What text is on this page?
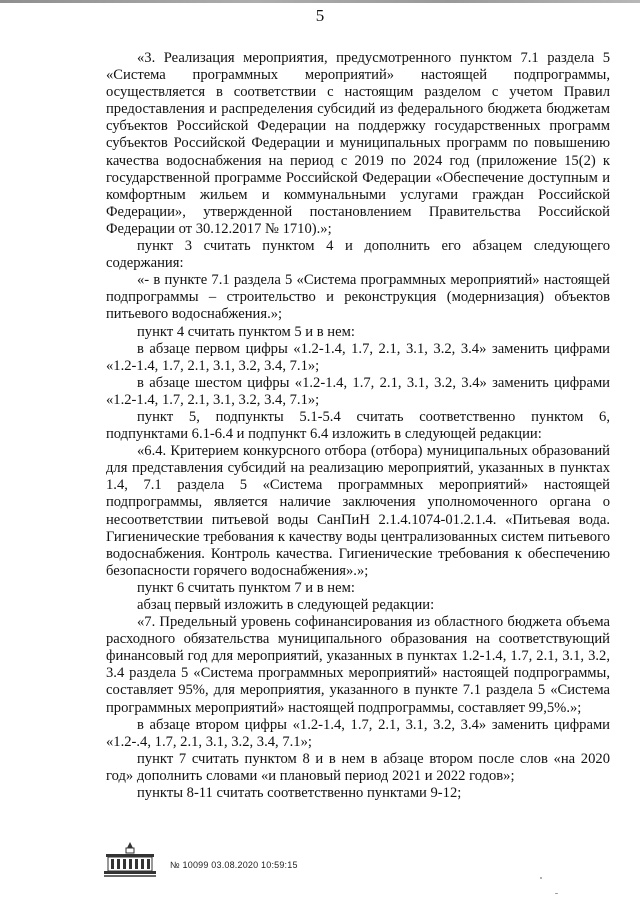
5

«3. Реализация мероприятия, предусмотренного пунктом 7.1 раздела 5 «Система программных мероприятий» настоящей подпрограммы, осуществляется в соответствии с настоящим разделом с учетом Правил предоставления и распределения субсидий из федерального бюджета бюджетам субъектов Российской Федерации на поддержку государственных программ субъектов Российской Федерации и муниципальных программ по повышению качества водоснабжения на период с 2019 по 2024 год (приложение 15(2) к государственной программе Российской Федерации «Обеспечение доступным и комфортным жильем и коммунальными услугами граждан Российской Федерации», утвержденной постановлением Правительства Российской Федерации от 30.12.2017 № 1710).»;

пункт 3 считать пунктом 4 и дополнить его абзацем следующего содержания:

«- в пункте 7.1 раздела 5 «Система программных мероприятий» настоящей подпрограммы – строительство и реконструкция (модернизация) объектов питьевого водоснабжения.»;

пункт 4 считать пунктом 5 и в нем:

в абзаце первом цифры «1.2-1.4, 1.7, 2.1, 3.1, 3.2, 3.4» заменить цифрами «1.2-1.4, 1.7, 2.1, 3.1, 3.2, 3.4, 7.1»;

в абзаце шестом цифры «1.2-1.4, 1.7, 2.1, 3.1, 3.2, 3.4» заменить цифрами «1.2-1.4, 1.7, 2.1, 3.1, 3.2, 3.4, 7.1»;

пункт 5, подпункты 5.1-5.4 считать соответственно пунктом 6, подпунктами 6.1-6.4 и подпункт 6.4 изложить в следующей редакции:

«6.4. Критерием конкурсного отбора (отбора) муниципальных образований для представления субсидий на реализацию мероприятий, указанных в пунктах 1.4, 7.1 раздела 5 «Система программных мероприятий» настоящей подпрограммы, является наличие заключения уполномоченного органа о несоответствии питьевой воды СанПиН 2.1.4.1074-01.2.1.4. «Питьевая вода. Гигиенические требования к качеству воды централизованных систем питьевого водоснабжения. Контроль качества. Гигиенические требования к обеспечению безопасности горячего водоснабжения».»;

пункт 6 считать пунктом 7 и в нем:

абзац первый изложить в следующей редакции:

«7. Предельный уровень софинансирования из областного бюджета объема расходного обязательства муниципального образования на соответствующий финансовый год для мероприятий, указанных в пунктах 1.2-1.4, 1.7, 2.1, 3.1, 3.2, 3.4 раздела 5 «Система программных мероприятий» настоящей подпрограммы, составляет 95%, для мероприятия, указанного в пункте 7.1 раздела 5 «Система программных мероприятий» настоящей подпрограммы, составляет 99,5%.»;

в абзаце втором цифры «1.2-1.4, 1.7, 2.1, 3.1, 3.2, 3.4» заменить цифрами «1.2-.4, 1.7, 2.1, 3.1, 3.2, 3.4, 7.1»;

пункт 7 считать пунктом 8 и в нем в абзаце втором после слов «на 2020 год» дополнить словами «и плановый период 2021 и 2022 годов»;

пункты 8-11 считать соответственно пунктами 9-12;

№ 10099 03.08.2020 10:59:15
